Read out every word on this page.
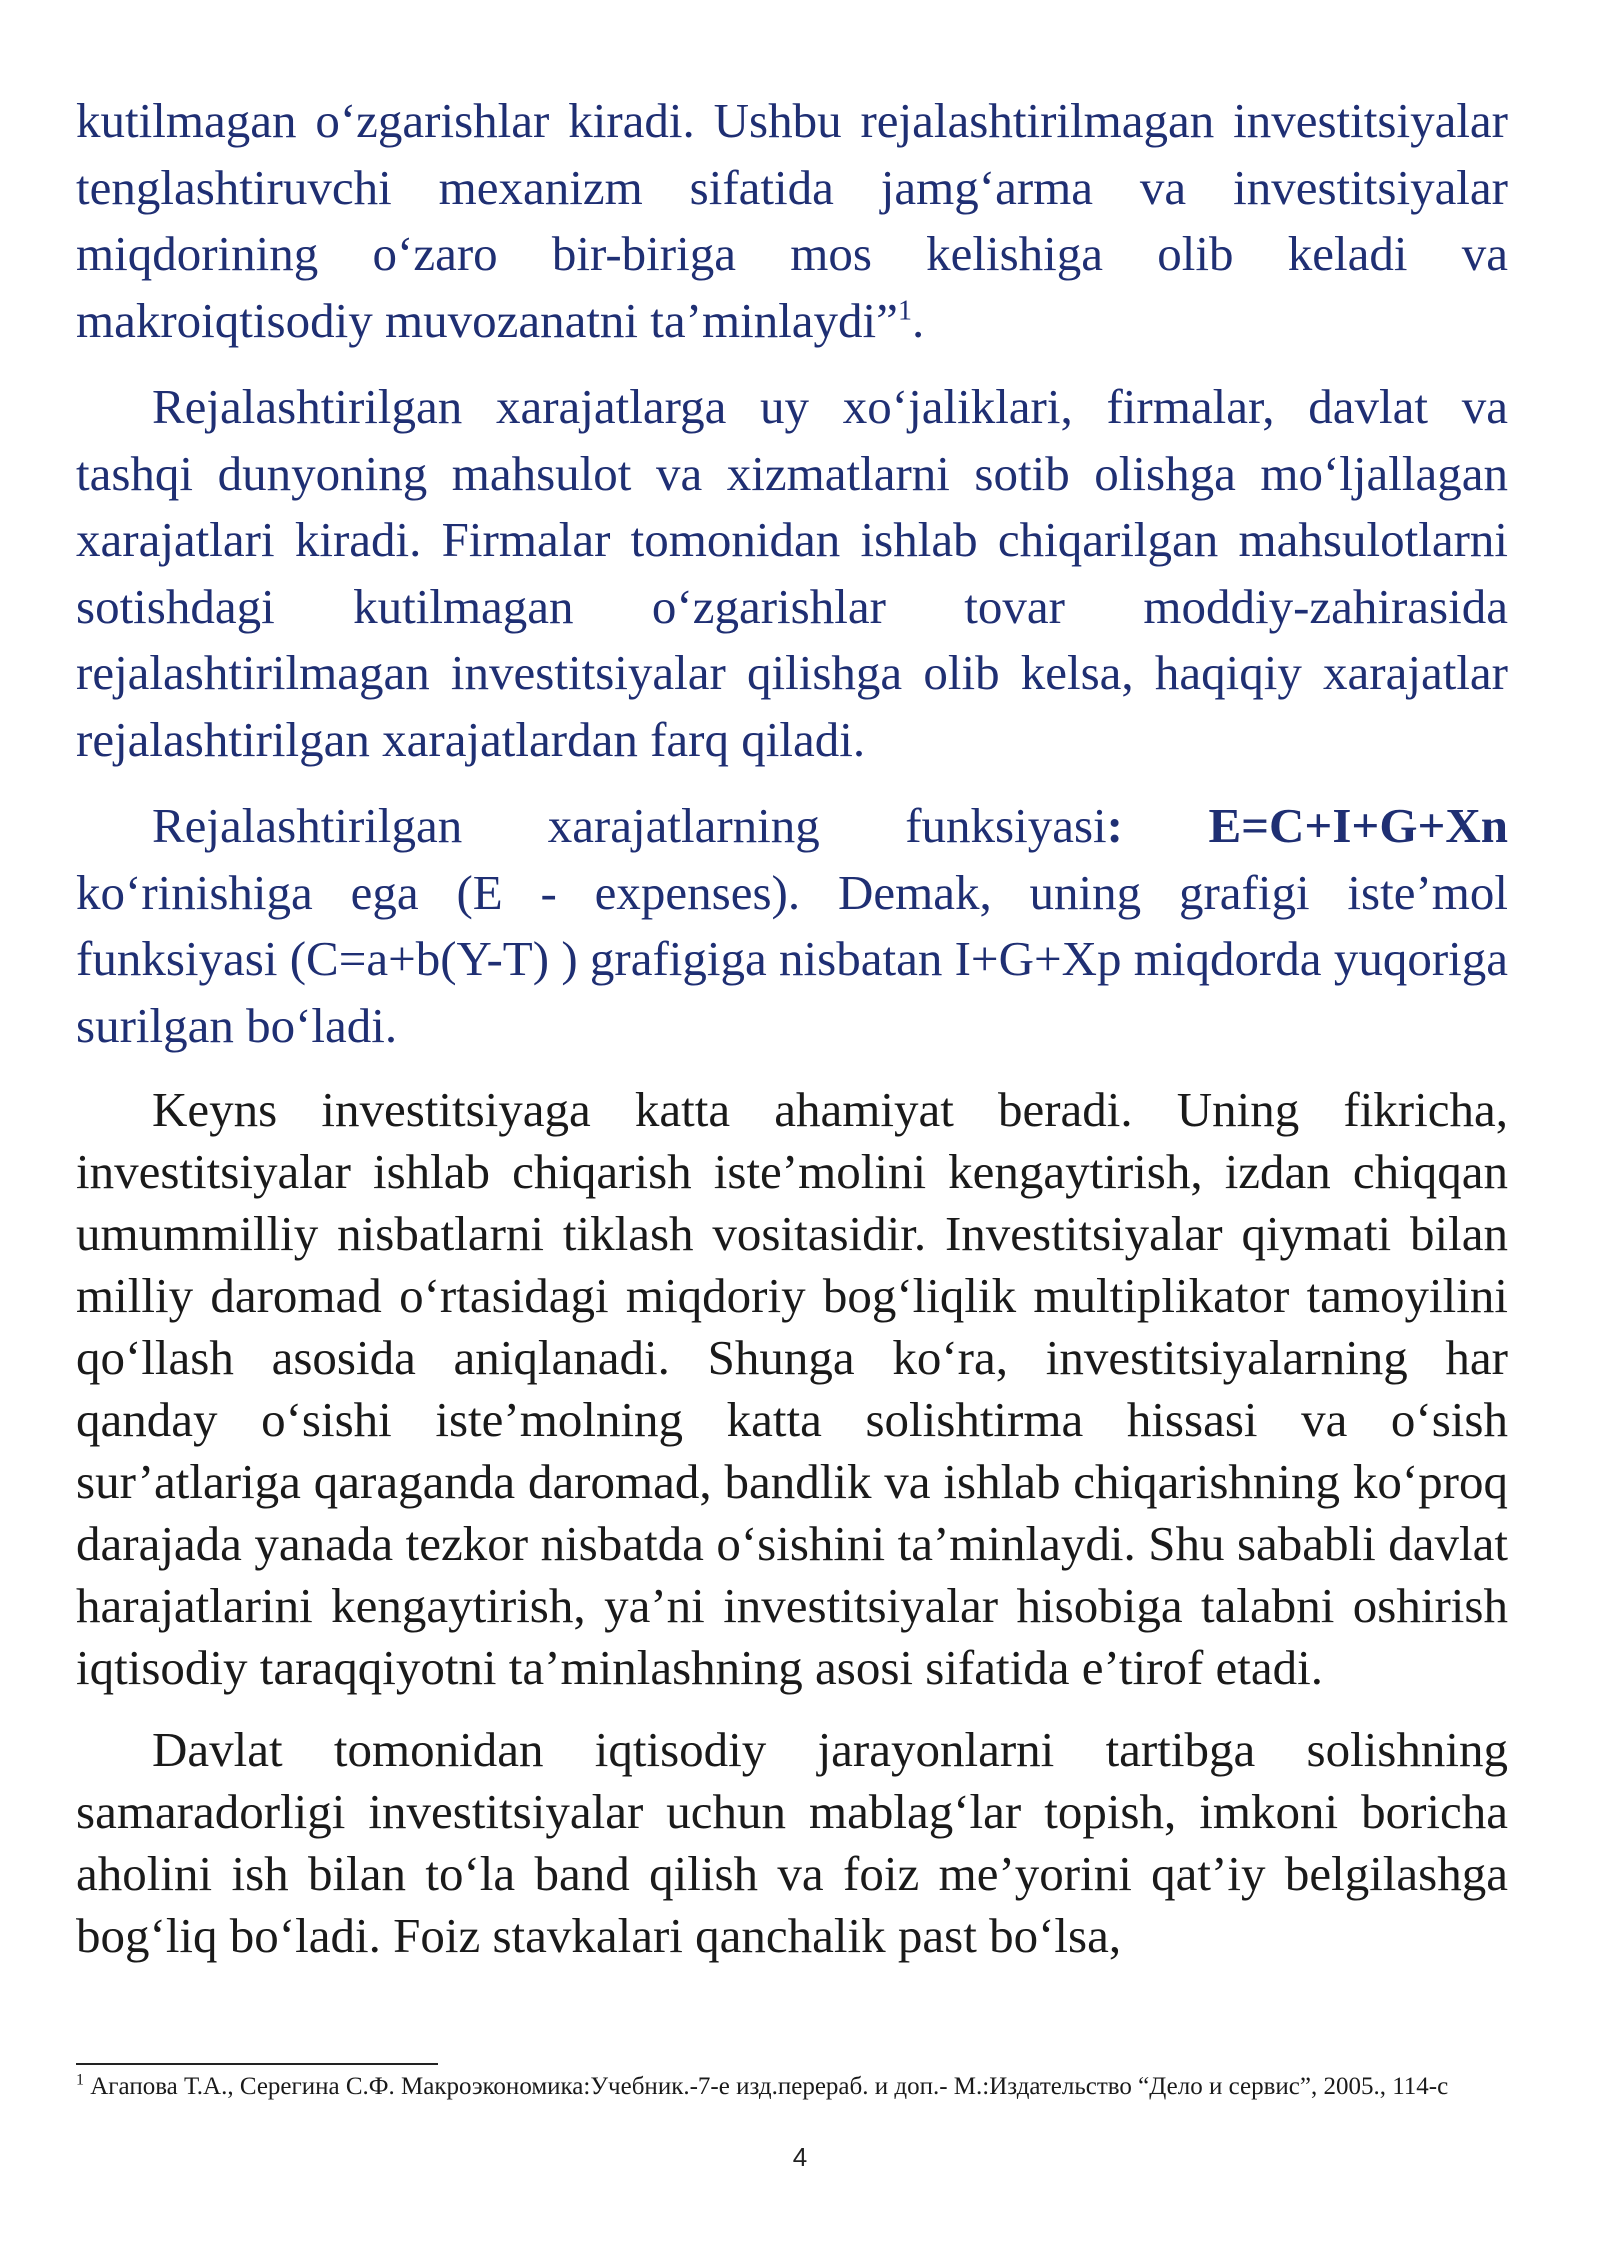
kutilmagan o‘zgarishlar kiradi. Ushbu rejalashtirilmagan investitsiyalar tenglashtiruvchi mexanizm sifatida jamg‘arma va investitsiyalar miqdorining o‘zaro bir-biriga mos kelishiga olib keladi va makroiqtisodiy muvozanatni ta’minlaydi”$^1$.

Rejalashtirilgan xarajatlarga uy xo‘jaliklari, firmalar, davlat va tashqi dunyoning mahsulot va xizmatlarni sotib olishga mo‘ljallagan xarajatlari kiradi. Firmalar tomonidan ishlab chiqarilgan mahsulotlarni sotishdagi kutilmagan o‘zgarishlar tovar moddiy-zahirasida rejalashtirilmagan investitsiyalar qilishga olib kelsa, haqiqiy xarajatlar rejalashtirilgan xarajatlardan farq qiladi.

Rejalashtirilgan xarajatlarning funksiyasi: E=C+I+G+Xn ko‘rinishiga ega (E - expenses). Demak, uning grafigi iste’mol funksiyasi (C=a+b(Y-T) ) grafigiga nisbatan I+G+Xp miqdorda yuqoriga surilgan bo‘ladi.

Keyns investitsiyaga katta ahamiyat beradi. Uning fikricha, investitsiyalar ishlab chiqarish iste’molini kengaytirish, izdan chiqqan umummilliy nisbatlarni tiklash vositasidir. Investitsiyalar qiymati bilan milliy daromad o‘rtasidagi miqdoriy bog‘liqlik multiplikator tamoyilini qo‘llash asosida aniqlanadi. Shunga ko‘ra, investitsiyalarning har qanday o‘sishi iste’molning katta solishtirma hissasi va o‘sish sur’atlariga qaraganda daromad, bandlik va ishlab chiqarishning ko‘proq darajada yanada tezkor nisbatda o‘sishini ta’minlaydi. Shu sababli davlat harajatlarini kengaytirish, ya’ni investitsiyalar hisobiga talabni oshirish iqtisodiy taraqqiyotni ta’minlashning asosi sifatida e’tirof etadi.

Davlat tomonidan iqtisodiy jarayonlarni tartibga solishning samaradorligi investitsiyalar uchun mablag‘lar topish, imkoni boricha aholini ish bilan to‘la band qilish va foiz me’yorini qat’iy belgilashga bog‘liq bo‘ladi. Foiz stavkalari qanchalik past bo‘lsa,

$^1$ Агапова Т.А., Серегина С.Ф. Макроэкономика:Учебник.-7-е изд.перераб. и доп.- М.:Издательство “Дело и сервис”, 2005., 114-с
4
